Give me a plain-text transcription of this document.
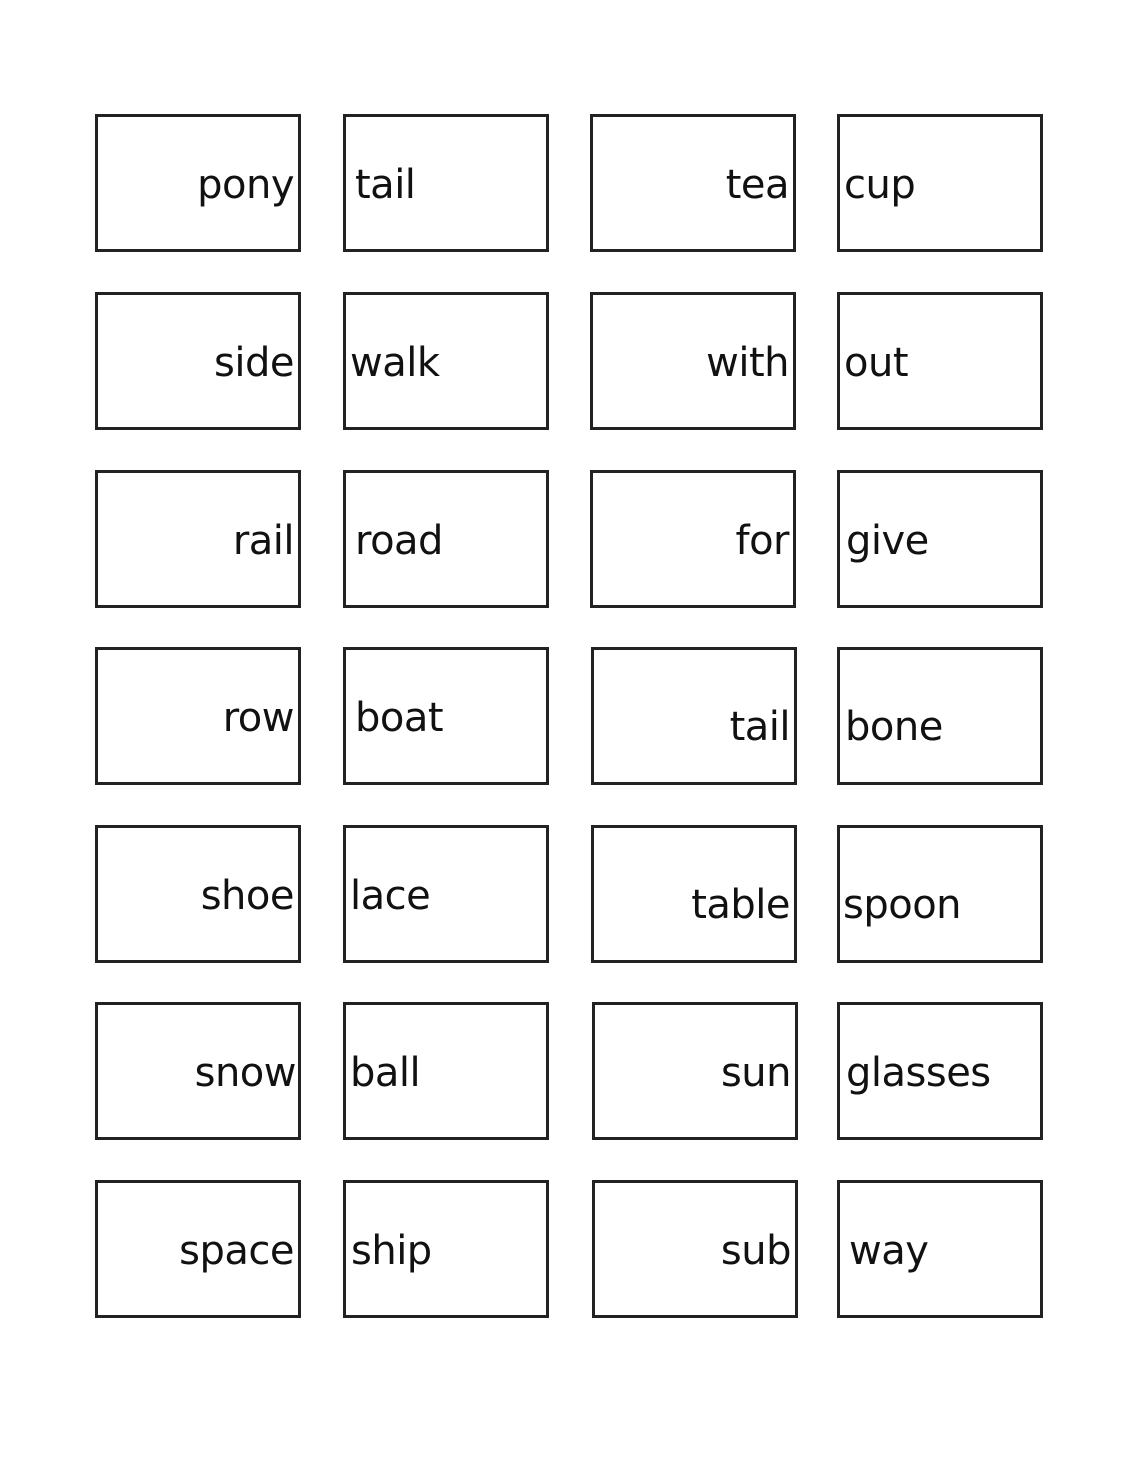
pony tail	tea cup
side walk	with out
rail road	for give
row boat	tail bone
shoe lace	table spoon
snow ball	sun glasses
space ship	sub way
